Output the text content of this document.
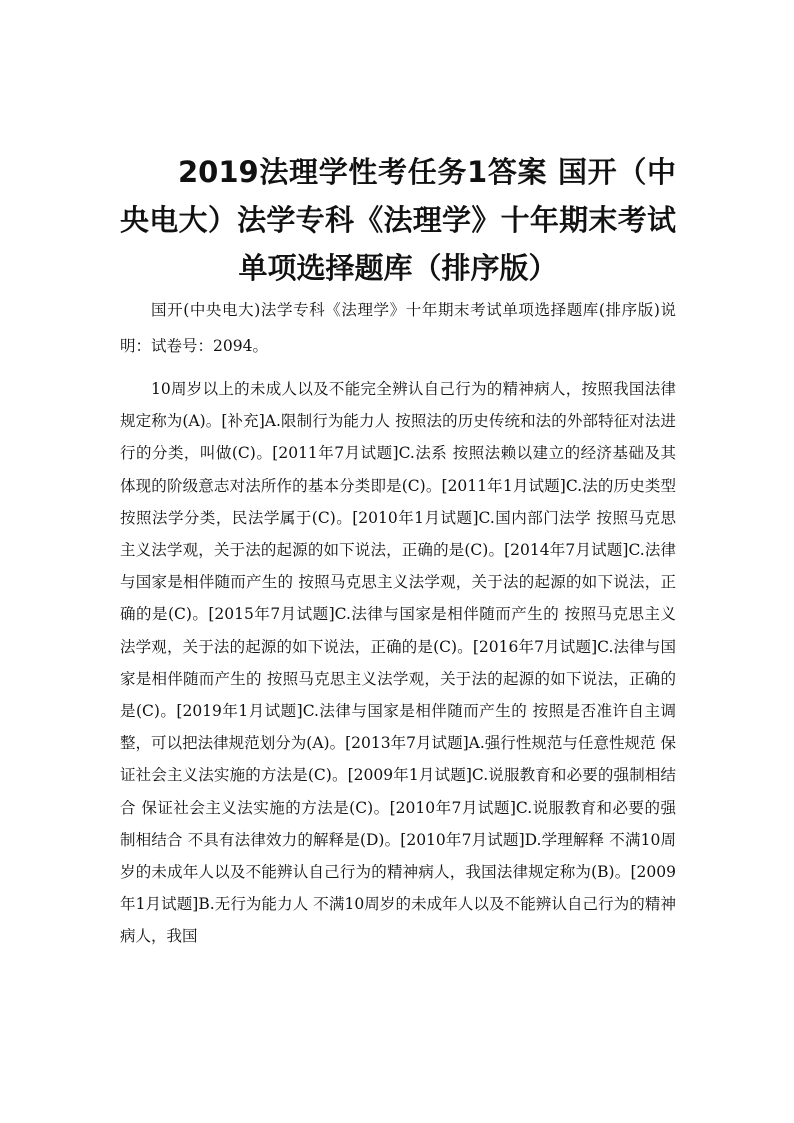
2019法理学性考任务1答案 国开（中央电大）法学专科《法理学》十年期末考试单项选择题库（排序版）

国开(中央电大)法学专科《法理学》十年期末考试单项选择题库(排序版)说明：试卷号：2094。

10周岁以上的未成人以及不能完全辨认自己行为的精神病人，按照我国法律规定称为(A)。[补充]A.限制行为能力人 按照法的历史传统和法的外部特征对法进行的分类，叫做(C)。[2011年7月试题]C.法系 按照法赖以建立的经济基础及其体现的阶级意志对法所作的基本分类即是(C)。[2011年1月试题]C.法的历史类型 按照法学分类，民法学属于(C)。[2010年1月试题]C.国内部门法学 按照马克思主义法学观，关于法的起源的如下说法，正确的是(C)。[2014年7月试题]C.法律与国家是相伴随而产生的 按照马克思主义法学观，关于法的起源的如下说法，正确的是(C)。[2015年7月试题]C.法律与国家是相伴随而产生的 按照马克思主义法学观，关于法的起源的如下说法，正确的是(C)。[2016年7月试题]C.法律与国家是相伴随而产生的 按照马克思主义法学观，关于法的起源的如下说法，正确的是(C)。[2019年1月试题]C.法律与国家是相伴随而产生的 按照是否准许自主调整，可以把法律规范划分为(A)。[2013年7月试题]A.强行性规范与任意性规范 保证社会主义法实施的方法是(C)。[2009年1月试题]C.说服教育和必要的强制相结合 保证社会主义法实施的方法是(C)。[2010年7月试题]C.说服教育和必要的强制相结合 不具有法律效力的解释是(D)。[2010年7月试题]D.学理解释 不满10周岁的未成年人以及不能辨认自己行为的精神病人，我国法律规定称为(B)。[2009年1月试题]B.无行为能力人 不满10周岁的未成年人以及不能辨认自己行为的精神病人，我国
